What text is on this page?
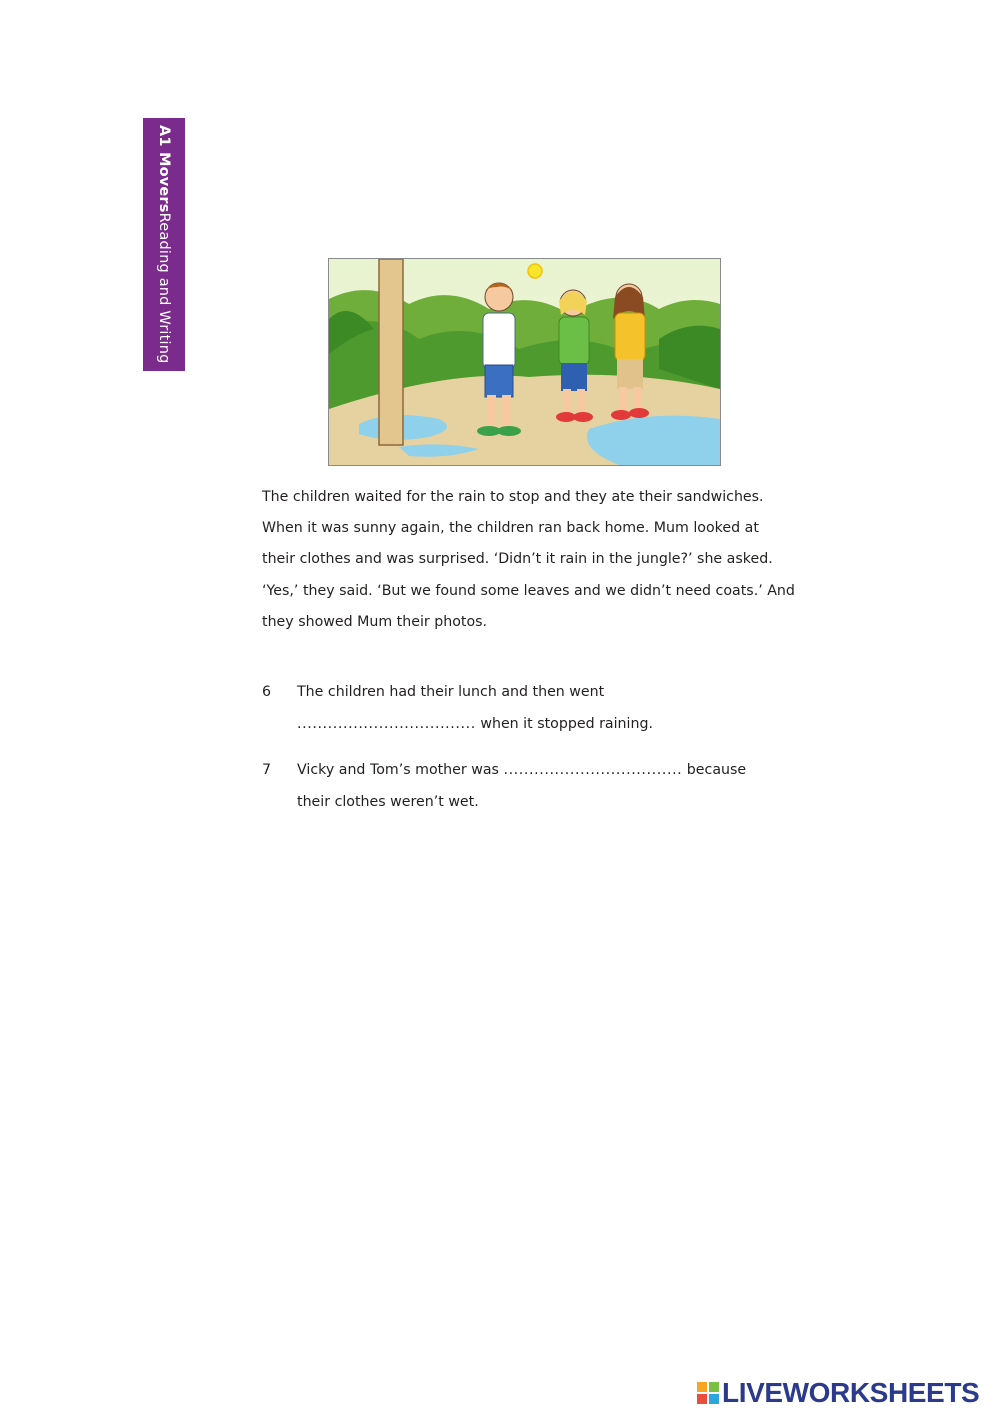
A1 MoversReading and Writing

The children waited for the rain to stop and they ate their sandwiches.

When it was sunny again, the children ran back home. Mum looked at

their clothes and was surprised. ‘Didn’t it rain in the jungle?’ she asked.

‘Yes,’ they said. ‘But we found some leaves and we didn’t need coats.’ And

they showed Mum their photos.

6 The children had their lunch and then went
................................... when it stopped raining.
7 Vicky and Tom’s mother was ................................... because
their clothes weren’t wet.
LIVEWORKSHEETS
